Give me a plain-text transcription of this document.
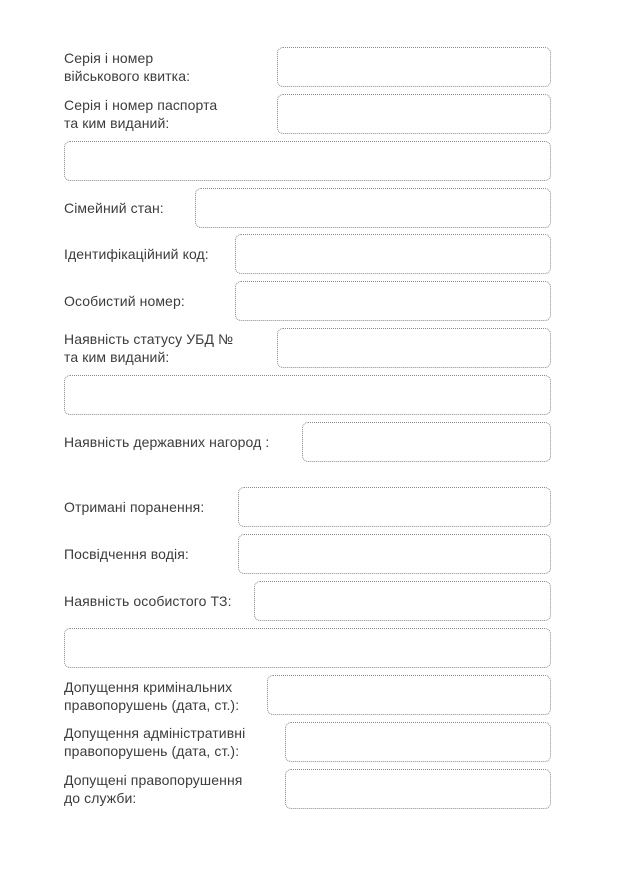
Серія і номер
військового квитка:
Серія і номер паспорта
та ким виданий:
Сімейний стан:
Ідентифікаційний код:
Особистий номер:
Наявність статусу УБД №
та ким виданий:
Наявність державних нагород :
Отримані поранення:
Посвідчення водія:
Наявність особистого ТЗ:
Допущення кримінальних
правопорушень (дата, ст.):
Допущення адміністративні
правопорушень (дата, ст.):
Допущені правопорушення
до служби:
